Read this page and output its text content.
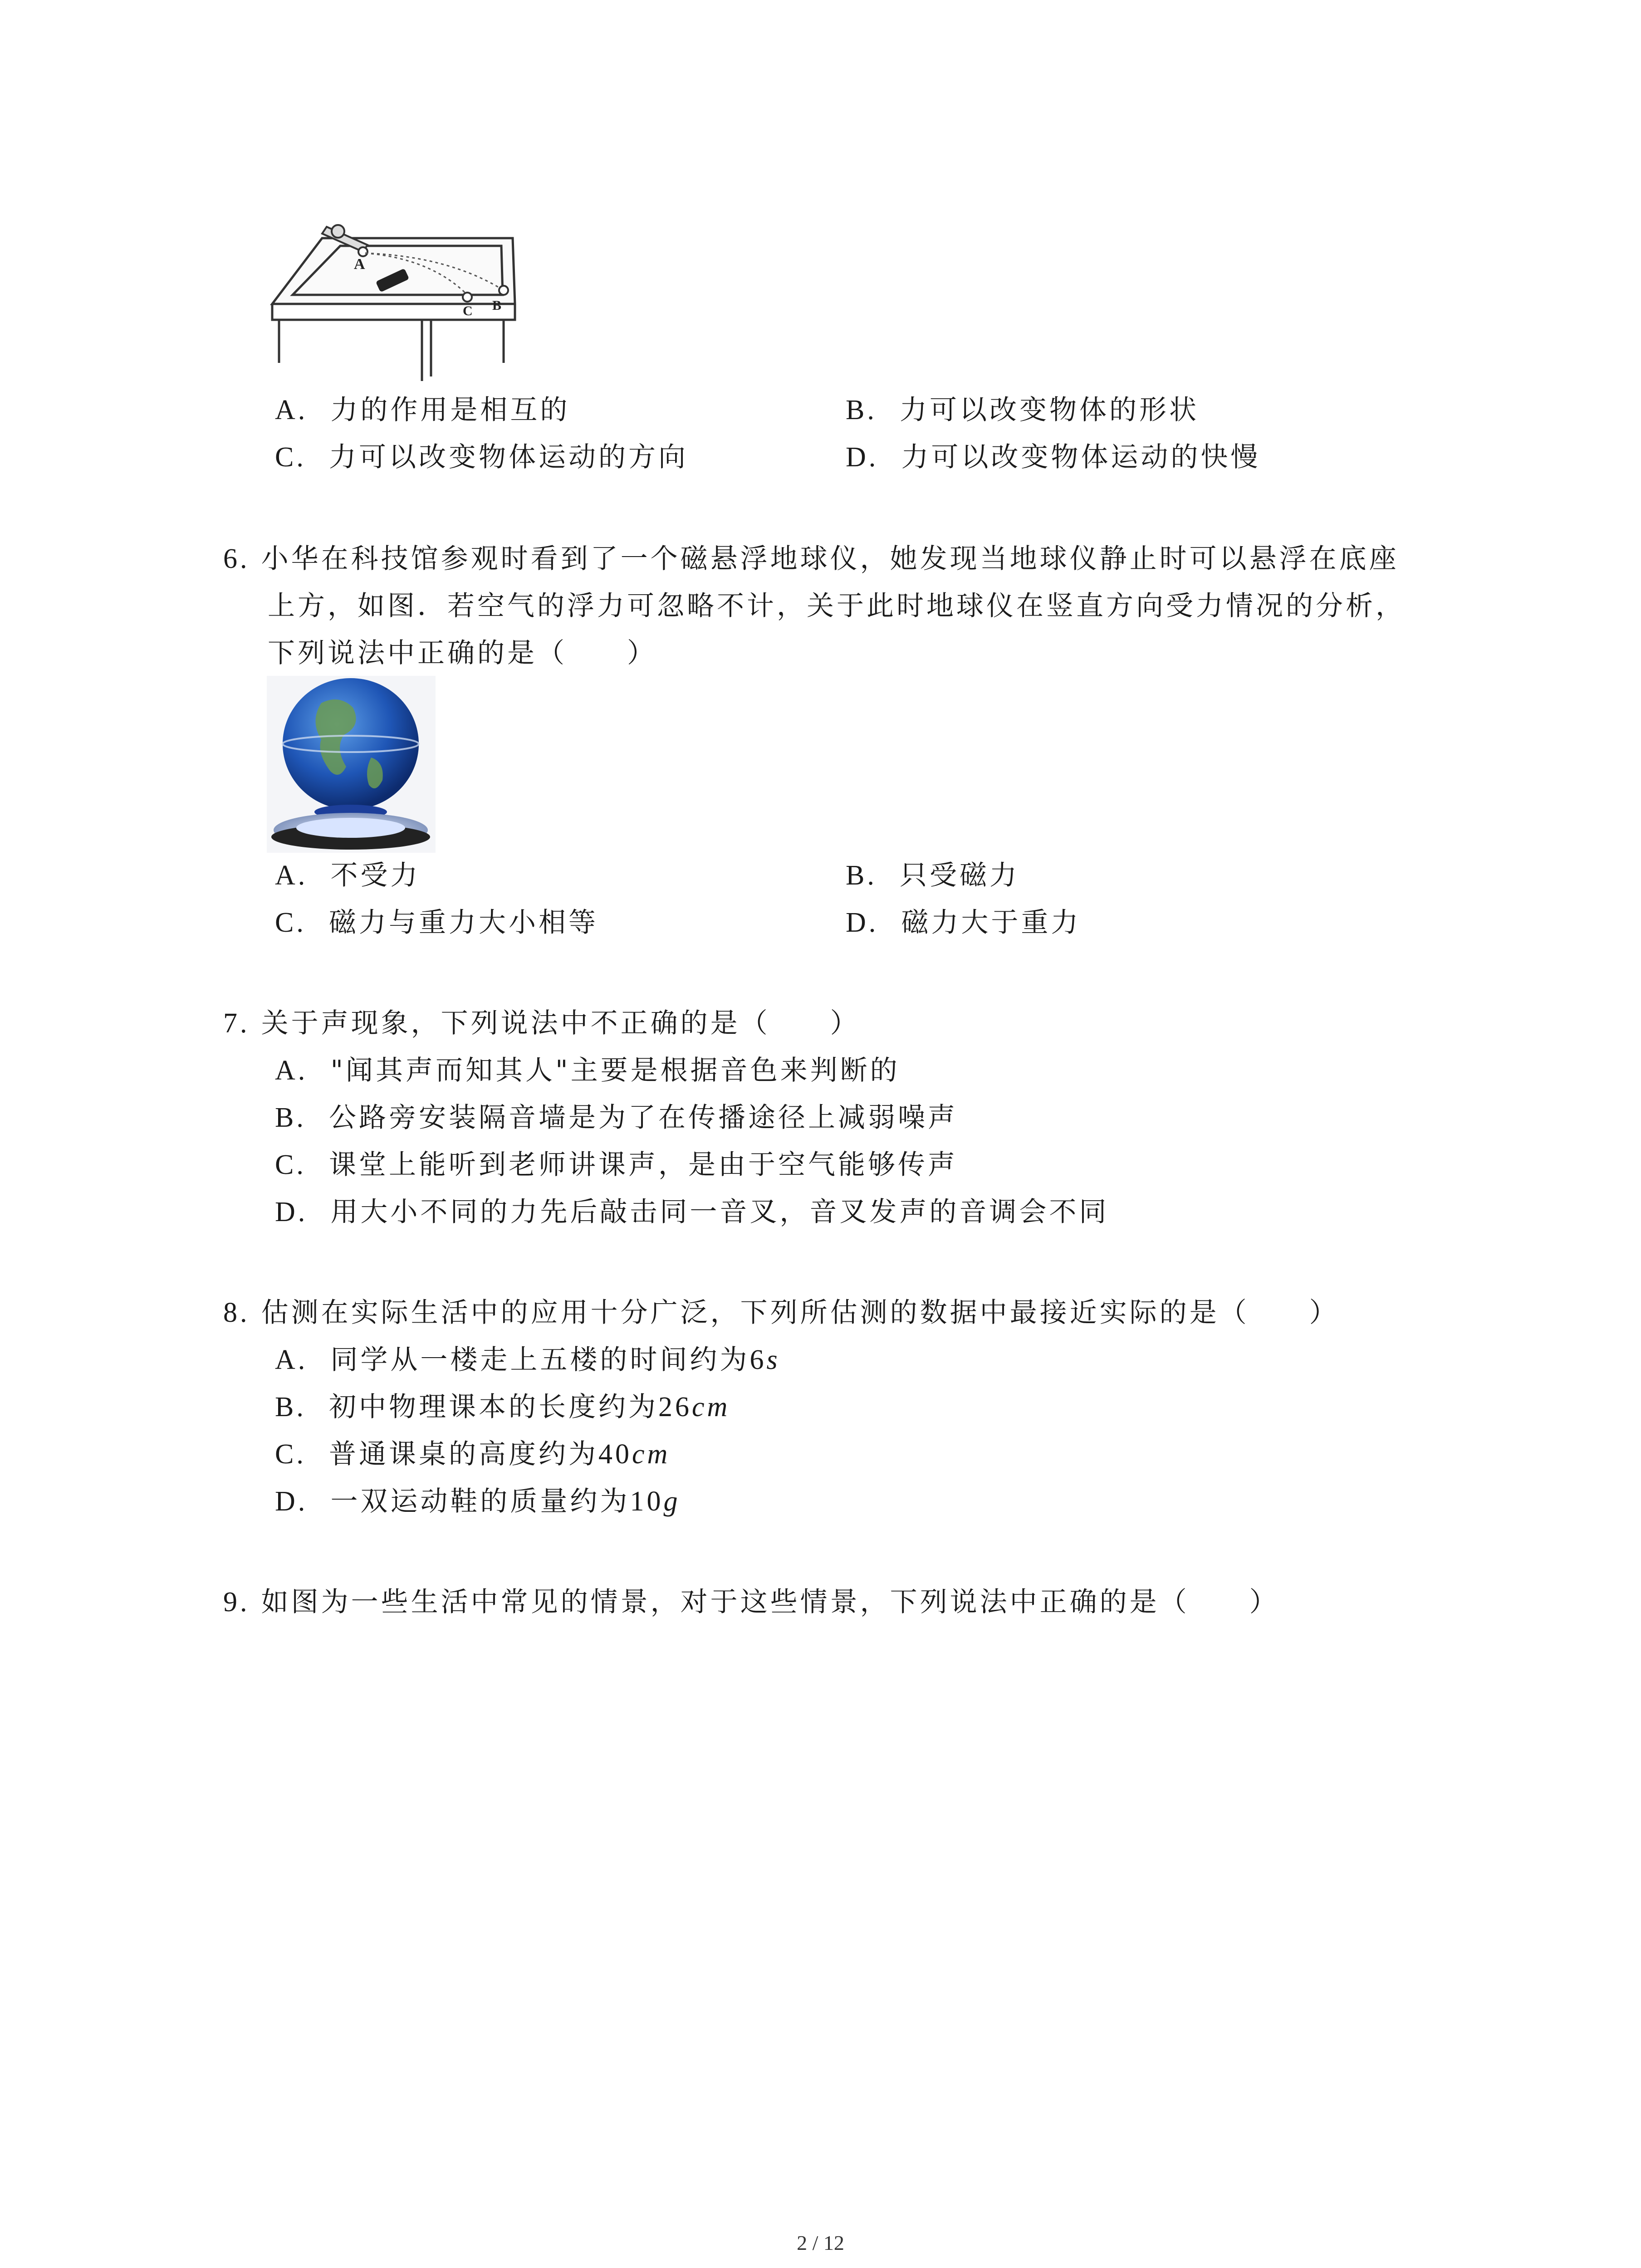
A
B
C
A. 力的作用是相互的	B. 力可以改变物体的形状
C. 力可以改变物体运动的方向	D. 力可以改变物体运动的快慢
6. 小华在科技馆参观时看到了一个磁悬浮地球仪，她发现当地球仪静止时可以悬浮在底座
上方，如图．若空气的浮力可忽略不计，关于此时地球仪在竖直方向受力情况的分析，
下列说法中正确的是（　　）
A. 不受力	B. 只受磁力
C. 磁力与重力大小相等	D. 磁力大于重力
7. 关于声现象，下列说法中不正确的是（　　）
A. "闻其声而知其人"主要是根据音色来判断的
B. 公路旁安装隔音墙是为了在传播途径上减弱噪声
C. 课堂上能听到老师讲课声，是由于空气能够传声
D. 用大小不同的力先后敲击同一音叉，音叉发声的音调会不同
8. 估测在实际生活中的应用十分广泛，下列所估测的数据中最接近实际的是（　　）
A. 同学从一楼走上五楼的时间约为6s
B. 初中物理课本的长度约为26cm
C. 普通课桌的高度约为40cm
D. 一双运动鞋的质量约为10g
9. 如图为一些生活中常见的情景，对于这些情景，下列说法中正确的是（　　）
2 / 12
